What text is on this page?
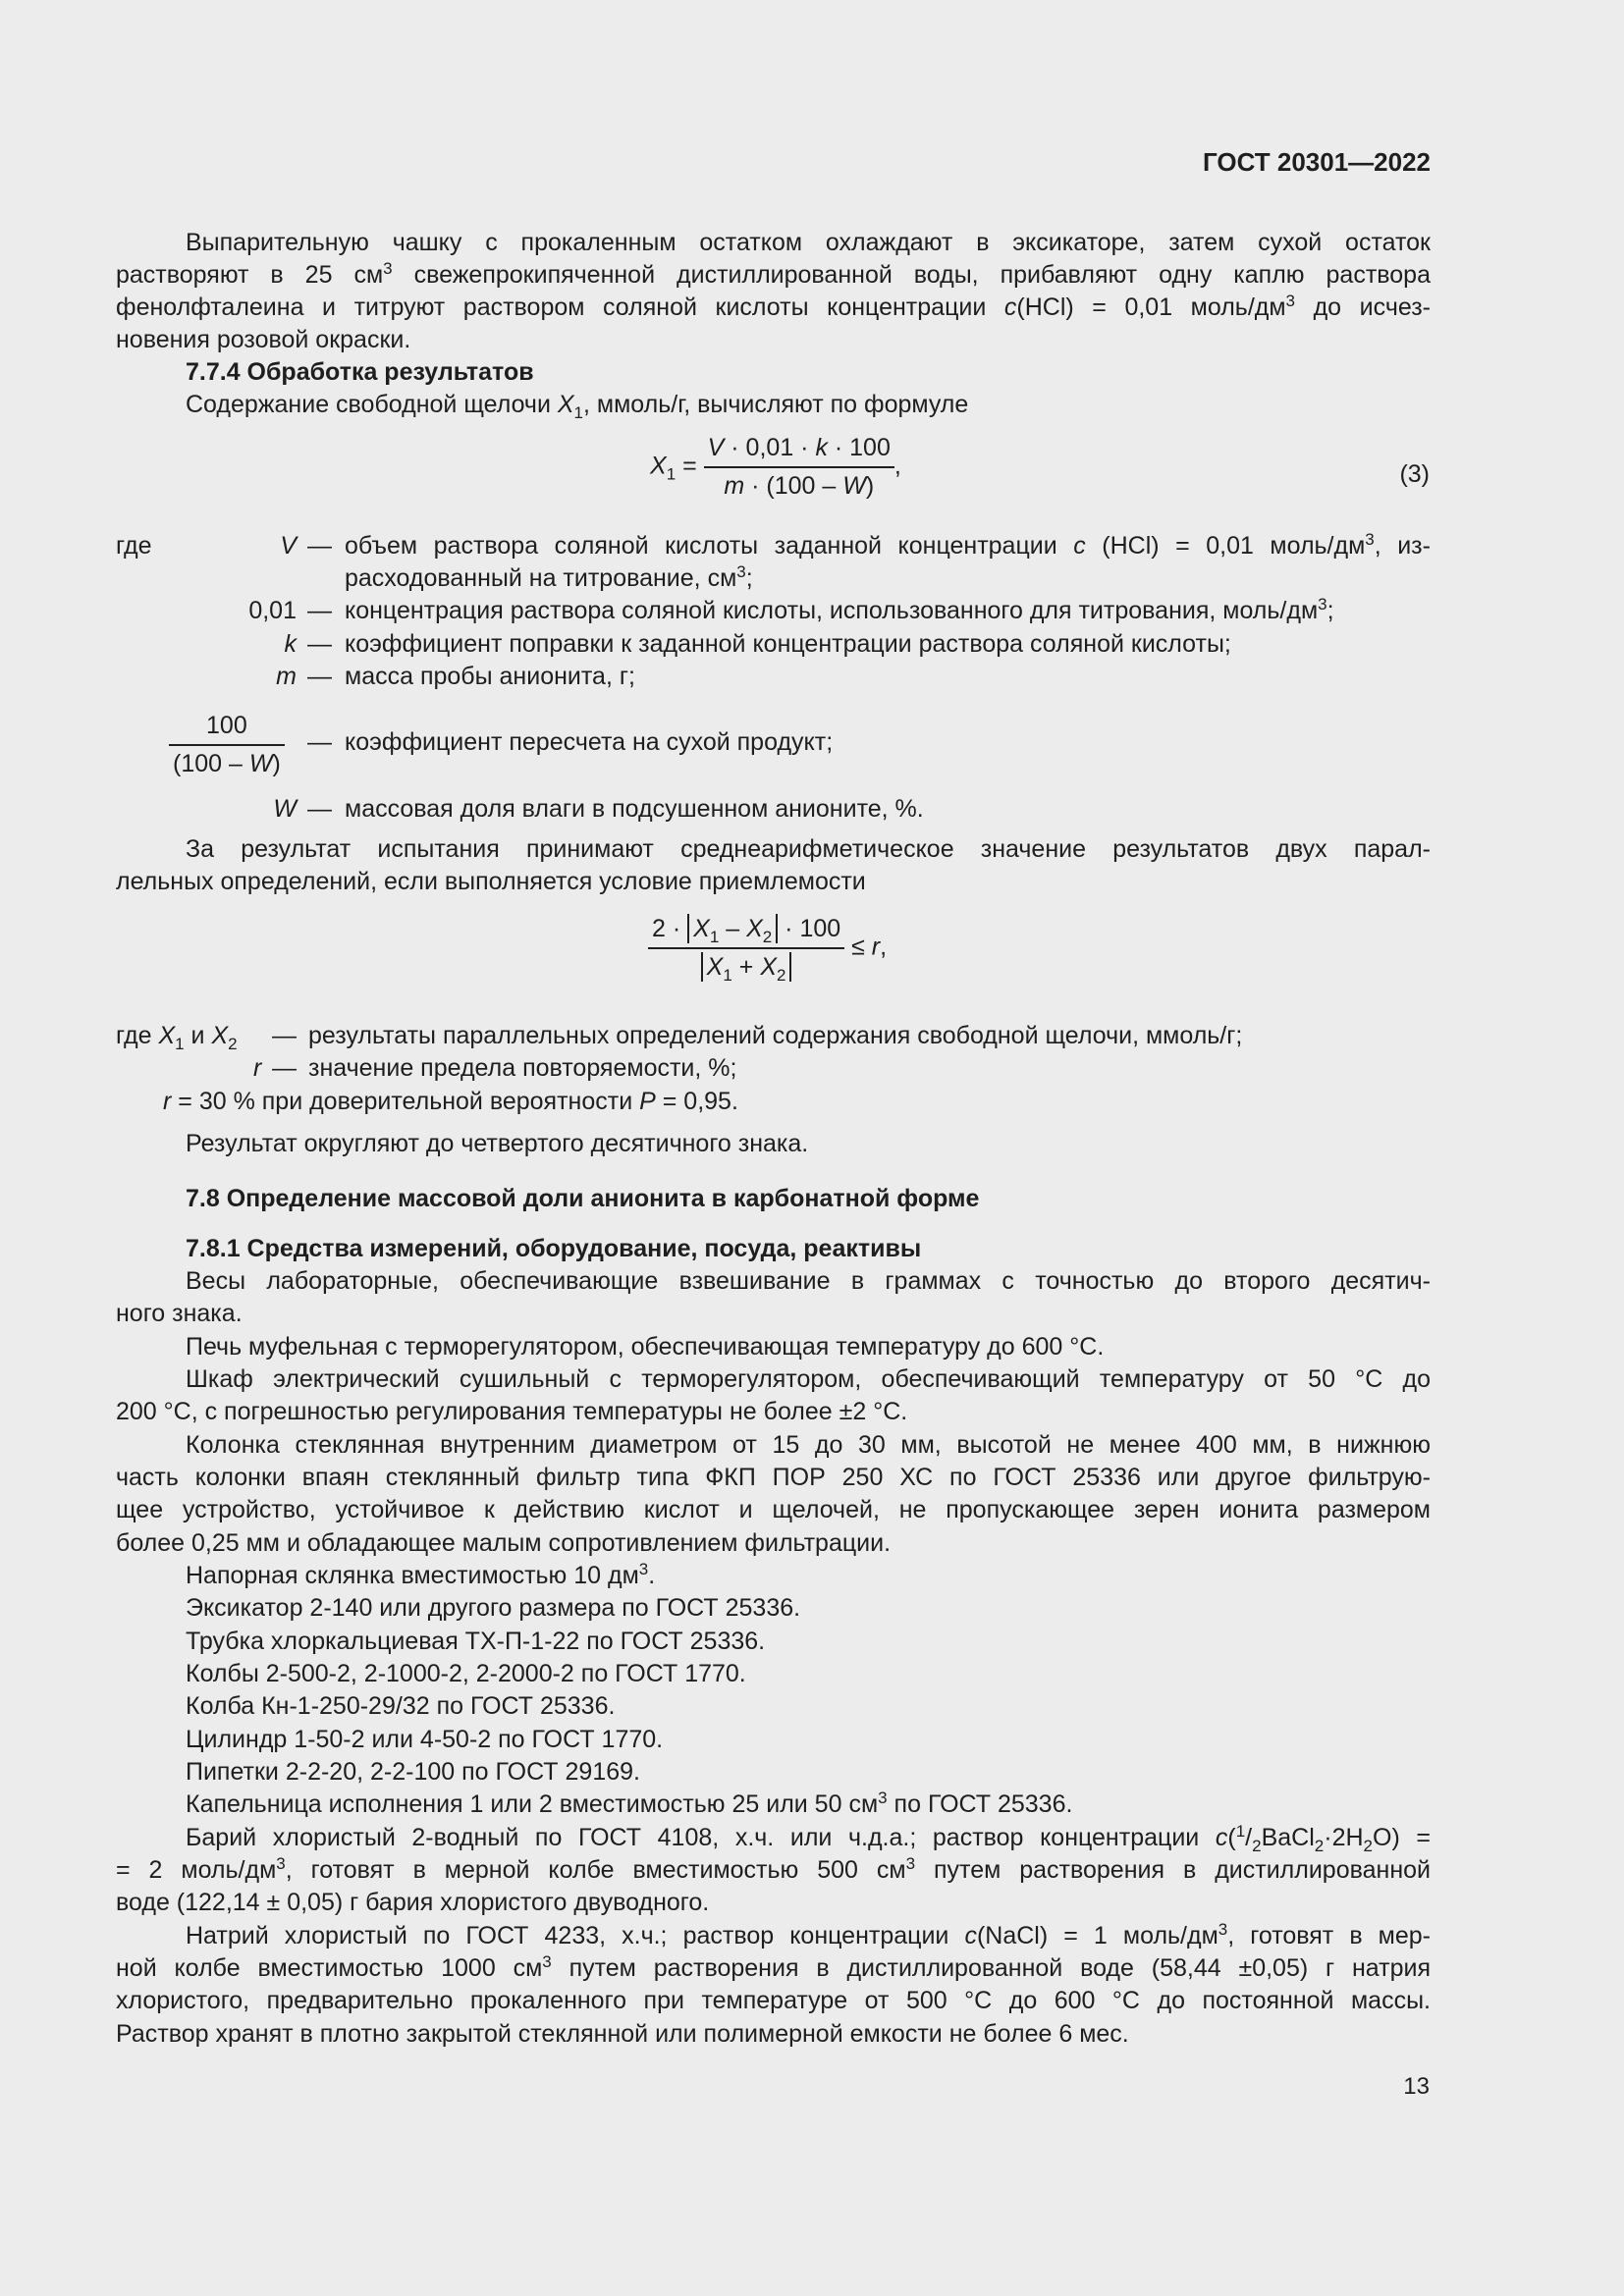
ГОСТ 20301—2022
Выпарительную чашку с прокаленным остатком охлаждают в эксикаторе, затем сухой остаток
растворяют в 25 $см^3$ свежепрокипяченной дистиллированной воды, прибавляют одну каплю раствора
фенолфталеина и титруют раствором соляной кислоты концентрации c(HCl) = 0,01 моль/$дм^3$ до исчез-
новения розовой окраски.
7.7.4 Обработка результатов
Содержание свободной щелочи $X_1$, ммоль/г, вычисляют по формуле
$X_1 = \frac{V \cdot 0,01 \cdot k \cdot 100}{m \cdot (100 - W)}$ ,	(3)
где	V — объем раствора соляной кислоты заданной концентрации c (HCl) = 0,01 моль/$дм^3$, из-
расходованный на титрование, $см^3$;
0,01 — концентрация раствора соляной кислоты, использованного для титрования, моль/$дм^3$;
k — коэффициент поправки к заданной концентрации раствора соляной кислоты;
m — масса пробы анионита, г;
$\frac{100}{(100 - W)}$ — коэффициент пересчета на сухой продукт;
W — массовая доля влаги в подсушенном анионите, %.
За результат испытания принимают среднеарифметическое значение результатов двух парал-
лельных определений, если выполняется условие приемлемости
$\frac{2 \cdot X_1 - X_2 \cdot 100}{X_1 + X_2} \le r$,
где $X_1$ и $X_2$ — результаты параллельных определений содержания свободной щелочи, ммоль/г;
r — значение предела повторяемости, %;
r = 30 % при доверительной вероятности P = 0,95.
Результат округляют до четвертого десятичного знака.
7.8 Определение массовой доли анионита в карбонатной форме
7.8.1 Средства измерений, оборудование, посуда, реактивы
Весы лабораторные, обеспечивающие взвешивание в граммах с точностью до второго десятич-
ного знака.
Печь муфельная с терморегулятором, обеспечивающая температуру до 600 °С.
Шкаф электрический сушильный с терморегулятором, обеспечивающий температуру от 50 °С до
200 °С, с погрешностью регулирования температуры не более ±2 °С.
Колонка стеклянная внутренним диаметром от 15 до 30 мм, высотой не менее 400 мм, в нижнюю
часть колонки впаян стеклянный фильтр типа ФКП ПОР 250 ХС по ГОСТ 25336 или другое фильтрую-
щее устройство, устойчивое к действию кислот и щелочей, не пропускающее зерен ионита размером
более 0,25 мм и обладающее малым сопротивлением фильтрации.
Напорная склянка вместимостью 10 $дм^3$.
Эксикатор 2-140 или другого размера по ГОСТ 25336.
Трубка хлоркальциевая ТХ-П-1-22 по ГОСТ 25336.
Колбы 2-500-2, 2-1000-2, 2-2000-2 по ГОСТ 1770.
Колба Кн-1-250-29/32 по ГОСТ 25336.
Цилиндр 1-50-2 или 4-50-2 по ГОСТ 1770.
Пипетки 2-2-20, 2-2-100 по ГОСТ 29169.
Капельница исполнения 1 или 2 вместимостью 25 или 50 $см^3$ по ГОСТ 25336.
Барий хлористый 2-водный по ГОСТ 4108, х.ч. или ч.д.а.; раствор концентрации $c(^1/_2BaCl_2\cdot 2H_2O)$ =
= 2 моль/$дм^3$, готовят в мерной колбе вместимостью 500 $см^3$ путем растворения в дистиллированной
воде (122,14 ± 0,05) г бария хлористого двуводного.
Натрий хлористый по ГОСТ 4233, х.ч.; раствор концентрации c(NaCl) = 1 моль/$дм^3$, готовят в мер-
ной колбе вместимостью 1000 $см^3$ путем растворения в дистиллированной воде (58,44 ±0,05) г натрия
хлористого, предварительно прокаленного при температуре от 500 °С до 600 °С до постоянной массы.
Раствор хранят в плотно закрытой стеклянной или полимерной емкости не более 6 мес.
13
